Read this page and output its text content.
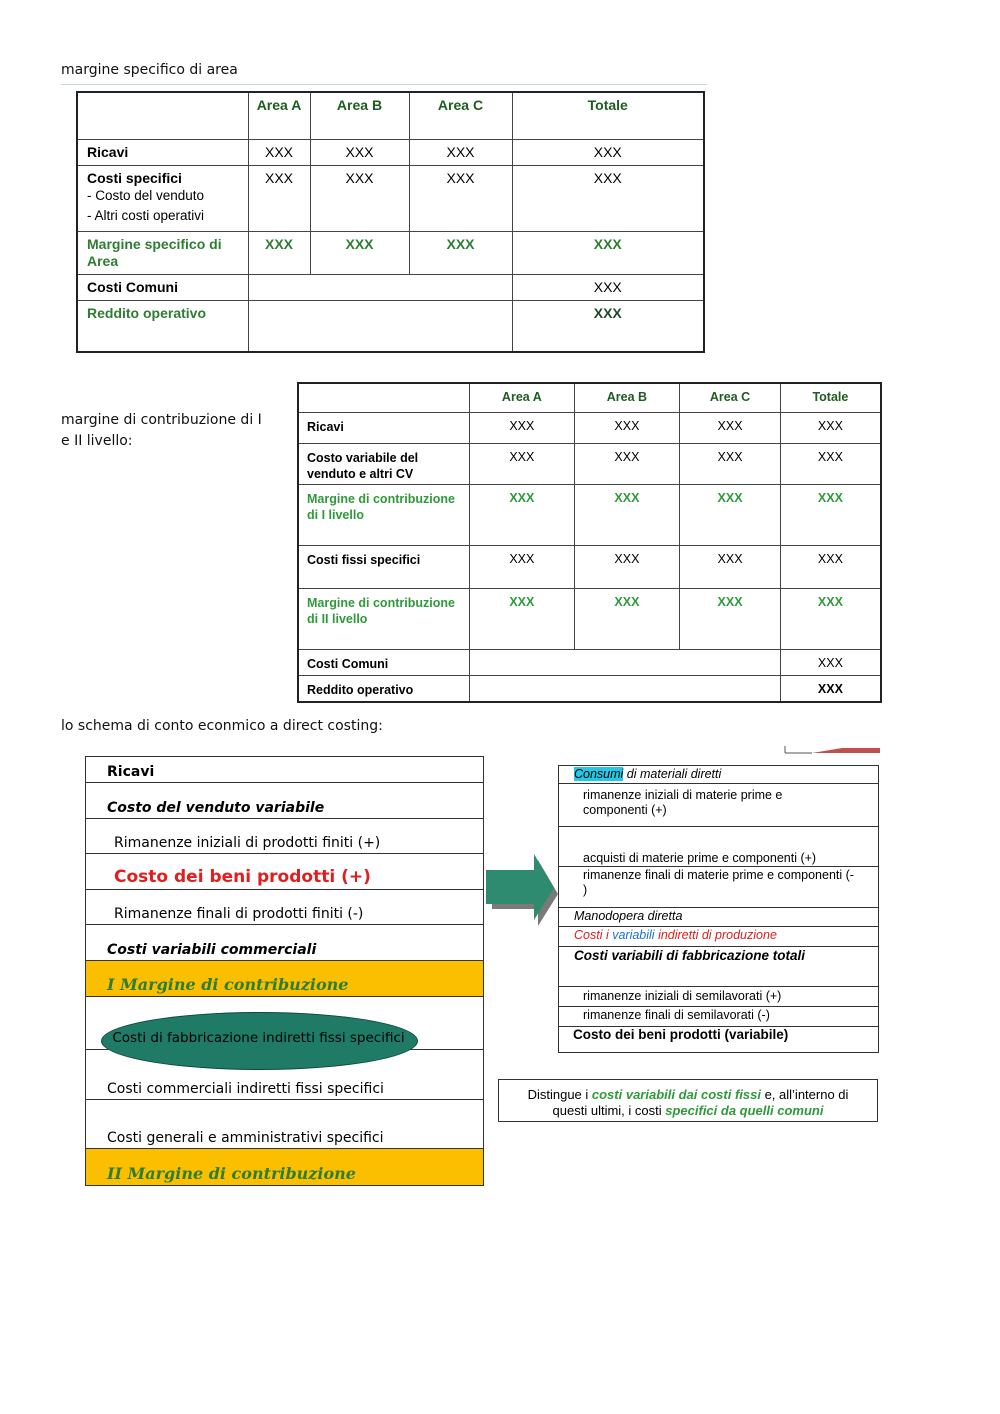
margine specifico di area
margine di contribuzione di I
e II livello:
lo schema di conto econmico a direct costing:
	Area A	Area B	Area C	Totale
Ricavi	XXX	XXX	XXX	XXX
Costi specifici
- Costo del venduto
- Altri costi operativi	XXX	XXX	XXX	XXX
Margine specifico di Area	XXX	XXX	XXX	XXX
Costi Comuni				XXX
Reddito operativo				XXX
	Area A	Area B	Area C	Totale
Ricavi	XXX	XXX	XXX	XXX
Costo variabile del venduto e altri CV	XXX	XXX	XXX	XXX
Margine di contribuzione di I livello	XXX	XXX	XXX	XXX
Costi fissi specifici	XXX	XXX	XXX	XXX
Margine di contribuzione di II livello	XXX	XXX	XXX	XXX
Costi Comuni				XXX
Reddito operativo				XXX
Ricavi
Costo del venduto variabile
Rimanenze iniziali di prodotti finiti (+)
Costo dei beni prodotti (+)
Rimanenze finali di prodotti finiti (-)
Costi variabili commerciali
I Margine di contribuzione
Costi commerciali indiretti fissi specifici
Costi generali e amministrativi specifici
II Margine di contribuzione
Costi di fabbricazione indiretti fissi specifici
Consumi di materiali diretti
rimanenze iniziali di materie prime e
componenti (+)
acquisti di materie prime e componenti (+)
rimanenze finali di materie prime e componenti (-
)
Manodopera diretta
Costi i variabili indiretti di produzione
Costi variabili di fabbricazione totali
rimanenze iniziali di semilavorati (+)
rimanenze finali di semilavorati (-)
Costo dei beni prodotti (variabile)
Distingue i costi variabili dai costi fissi e, all’interno di
questi ultimi, i costi specifici da quelli comuni
